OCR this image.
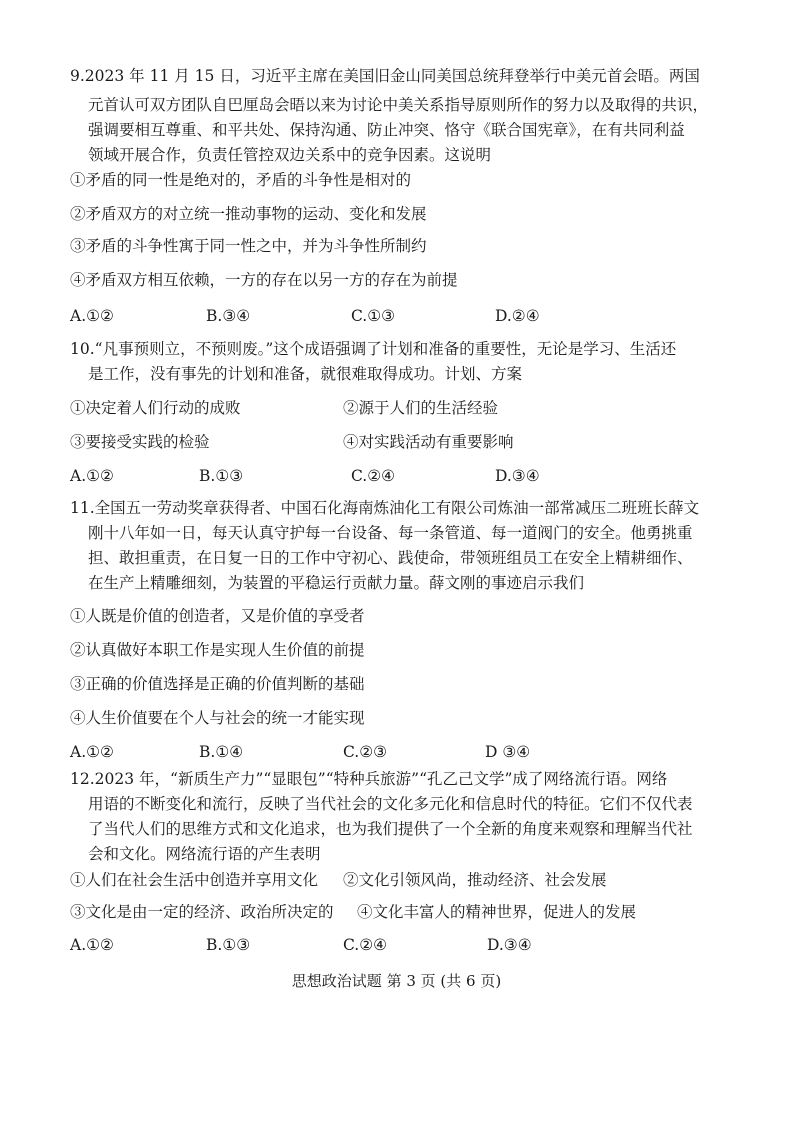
9.2023 年 11 月 15 日，习近平主席在美国旧金山同美国总统拜登举行中美元首会晤。两国
元首认可双方团队自巴厘岛会晤以来为讨论中美关系指导原则所作的努力以及取得的共识，
强调要相互尊重、和平共处、保持沟通、防止冲突、恪守《联合国宪章》，在有共同利益
领域开展合作，负责任管控双边关系中的竞争因素。这说明
①矛盾的同一性是绝对的，矛盾的斗争性是相对的
②矛盾双方的对立统一推动事物的运动、变化和发展
③矛盾的斗争性寓于同一性之中，并为斗争性所制约
④矛盾双方相互依赖，一方的存在以另一方的存在为前提
A.①②	B.③④	C.①③	D.②④
10.“凡事预则立，不预则废。”这个成语强调了计划和准备的重要性，无论是学习、生活还
是工作，没有事先的计划和准备，就很难取得成功。计划、方案
①决定着人们行动的成败	②源于人们的生活经验
③要接受实践的检验	④对实践活动有重要影响
A.①②	B.①③	C.②④	D.③④
11.全国五一劳动奖章获得者、中国石化海南炼油化工有限公司炼油一部常减压二班班长薛文
刚十八年如一日，每天认真守护每一台设备、每一条管道、每一道阀门的安全。他勇挑重
担、敢担重责，在日复一日的工作中守初心、践使命，带领班组员工在安全上精耕细作、
在生产上精雕细刻，为装置的平稳运行贡献力量。薛文刚的事迹启示我们
①人既是价值的创造者，又是价值的享受者
②认真做好本职工作是实现人生价值的前提
③正确的价值选择是正确的价值判断的基础
④人生价值要在个人与社会的统一才能实现
A.①②	B.①④	C.②③	D ③④
12.2023 年，“新质生产力”“显眼包”“特种兵旅游”“孔乙己文学”成了网络流行语。网络
用语的不断变化和流行，反映了当代社会的文化多元化和信息时代的特征。它们不仅代表
了当代人们的思维方式和文化追求，也为我们提供了一个全新的角度来观察和理解当代社
会和文化。网络流行语的产生表明
①人们在社会生活中创造并享用文化 ②文化引领风尚，推动经济、社会发展
③文化是由一定的经济、政治所决定的 ④文化丰富人的精神世界，促进人的发展
A.①②	B.①③	C.②④	D.③④
思想政治试题 第 3 页 (共 6 页)
